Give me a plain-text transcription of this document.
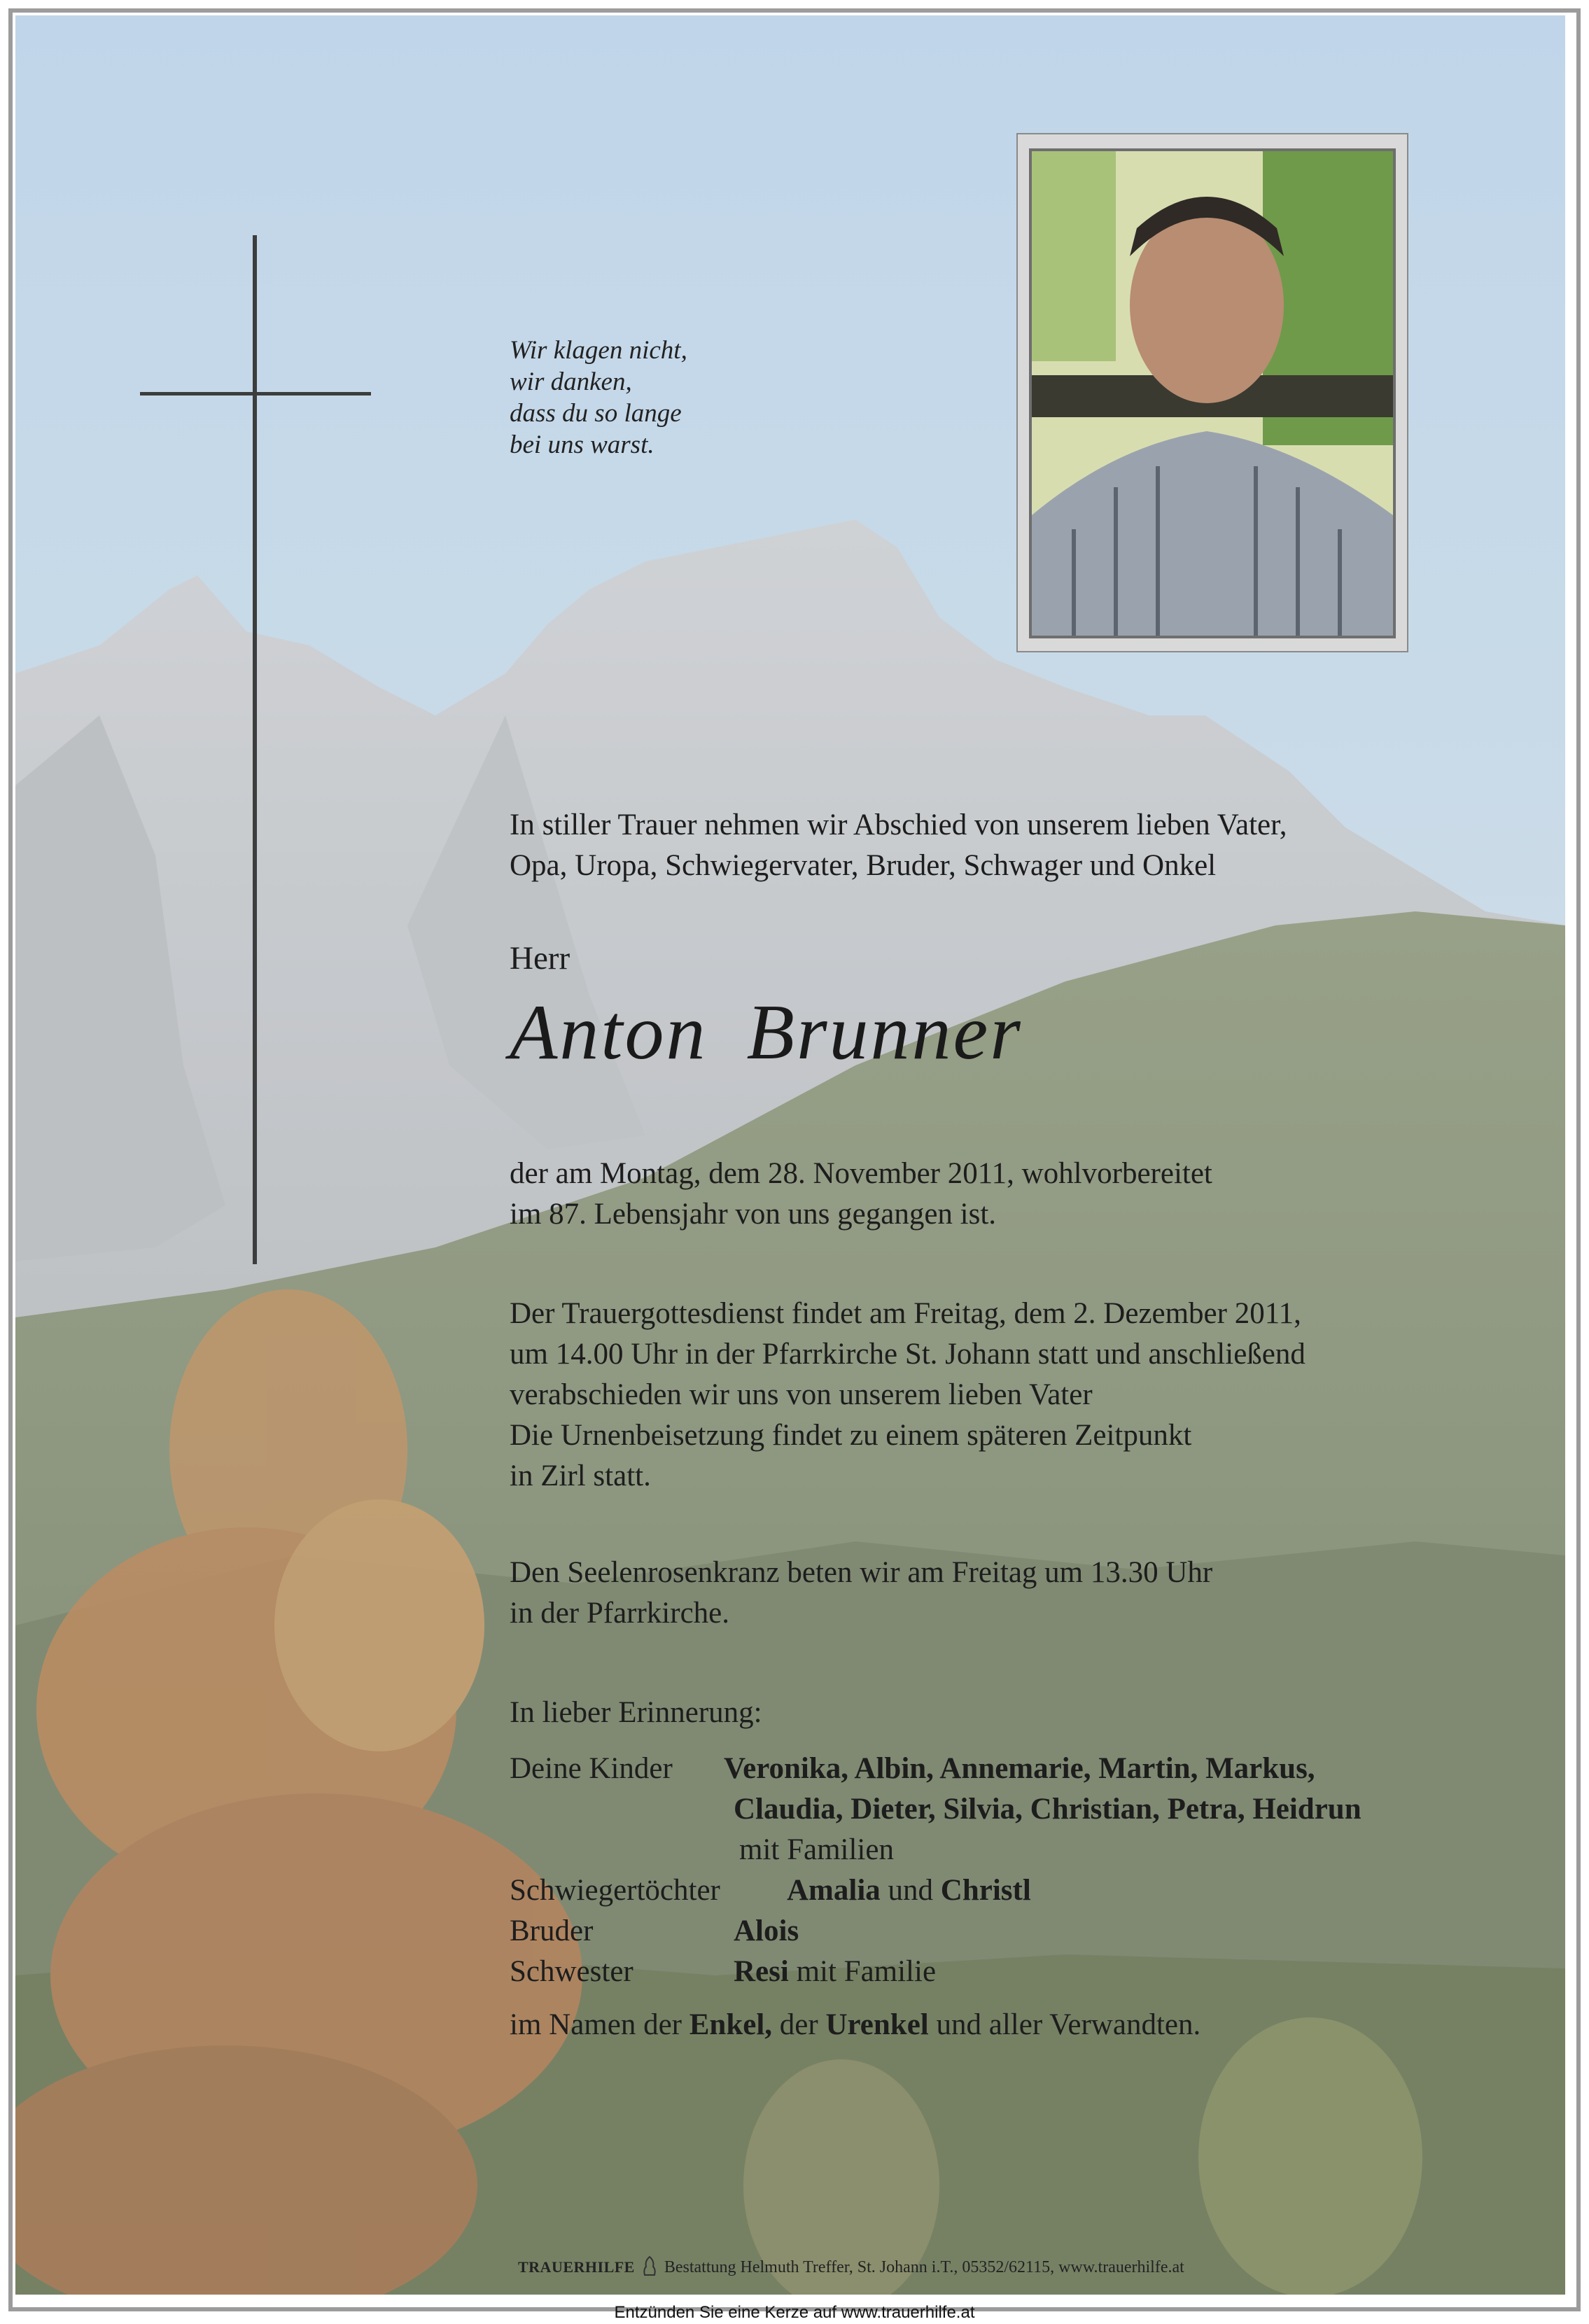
Wir klagen nicht,
wir danken,
dass du so lange
bei uns warst.
In stiller Trauer nehmen wir Abschied von unserem lieben Vater,
Opa, Uropa, Schwiegervater, Bruder, Schwager und Onkel
Herr
Anton Brunner
der am Montag, dem 28. November 2011, wohlvorbereitet
im 87. Lebensjahr von uns gegangen ist.
Der Trauergottesdienst findet am Freitag, dem 2. Dezember 2011,
um 14.00 Uhr in der Pfarrkirche St. Johann statt und anschließend
verabschieden wir uns von unserem lieben Vater
Die Urnenbeisetzung findet zu einem späteren Zeitpunkt
in Zirl statt.
Den Seelenrosenkranz beten wir am Freitag um 13.30 Uhr
in der Pfarrkirche.
In lieber Erinnerung:
Deine Kinder Veronika, Albin, Annemarie, Martin, Markus,
Claudia, Dieter, Silvia, Christian, Petra, Heidrun
mit Familien
Schwiegertöchter Amalia und Christl
Bruder	Alois
Schwester	Resi mit Familie
im Namen der Enkel, der Urenkel und aller Verwandten.
TRAUERHILFE Bestattung Helmuth Treffer, St. Johann i.T., 05352/62115, www.trauerhilfe.at
Entzünden Sie eine Kerze auf www.trauerhilfe.at
